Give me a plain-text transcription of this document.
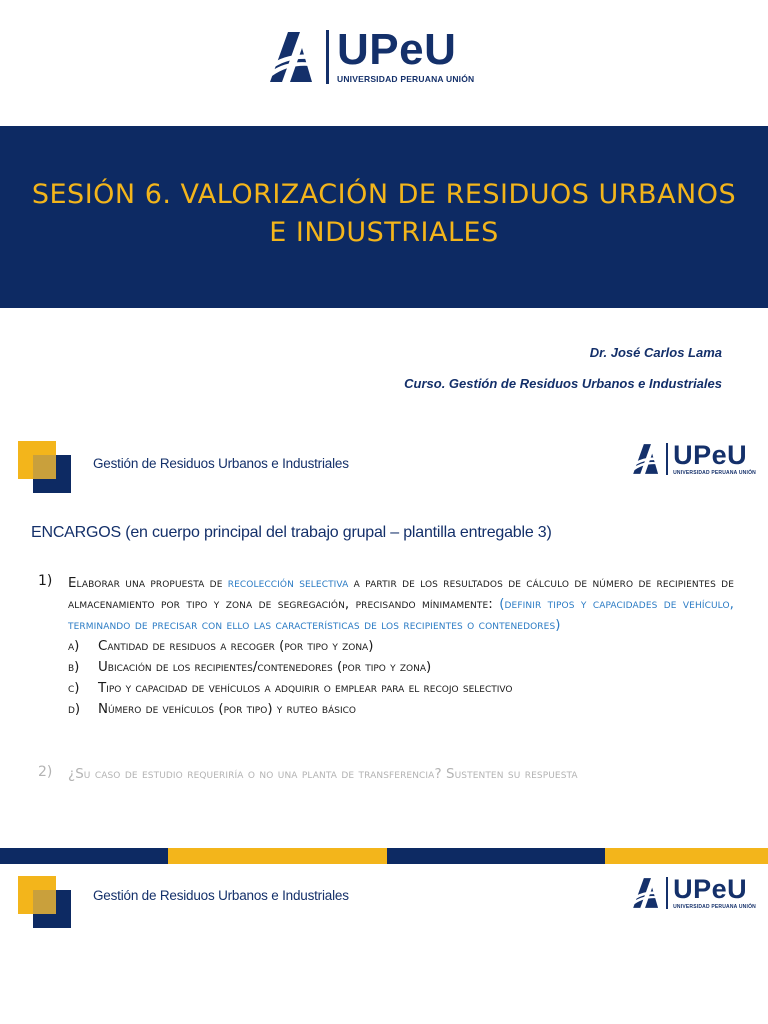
UPeU
UNIVERSIDAD PERUANA UNIÓN
SESIÓN 6. VALORIZACIÓN DE RESIDUOS URBANOS
E INDUSTRIALES
Dr. José Carlos Lama
Curso. Gestión de Residuos Urbanos e Industriales
Gestión de Residuos Urbanos e Industriales	UPeU
UNIVERSIDAD PERUANA UNIÓN
ENCARGOS (en cuerpo principal del trabajo grupal – plantilla entregable 3)
1) Elaborar una propuesta de recolección selectiva a partir de los resultados de cálculo de número de recipientes de almacenamiento por tipo y zona de segregación, precisando mínimamente: (definir tipos y capacidades de vehículo, terminando de precisar con ello las características de los recipientes o contenedores)
a)	Cantidad de residuos a recoger (por tipo y zona)
b)	Ubicación de los recipientes/contenedores (por tipo y zona)
c)	Tipo y capacidad de vehículos a adquirir o emplear para el recojo selectivo
d)	Número de vehículos (por tipo) y ruteo básico
2) ¿Su caso de estudio requeriría o no una planta de transferencia? Sustenten su respuesta
Gestión de Residuos Urbanos e Industriales	UPeU
UNIVERSIDAD PERUANA UNIÓN
